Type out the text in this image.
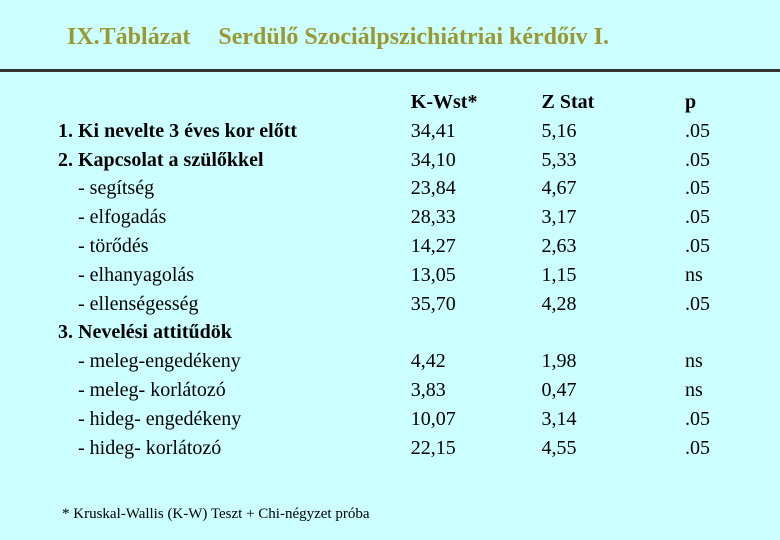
IX.Táblázat Serdülő Szociálpszichiátriai kérdőív I.
	K-Wst*	Z Stat	p
1. Ki nevelte 3 éves kor előtt	34,41	5,16	.05
2. Kapcsolat a szülőkkel	34,10	5,33	.05
- segítség	23,84	4,67	.05
- elfogadás	28,33	3,17	.05
- törődés	14,27	2,63	.05
- elhanyagolás	13,05	1,15	ns
- ellenségesség	35,70	4,28	.05
3. Nevelési attitűdök			
- meleg-engedékeny	4,42	1,98	ns
- meleg- korlátozó	3,83	0,47	ns
- hideg- engedékeny	10,07	3,14	.05
- hideg- korlátozó	22,15	4,55	.05
* Kruskal-Wallis (K-W) Teszt + Chi-négyzet próba
